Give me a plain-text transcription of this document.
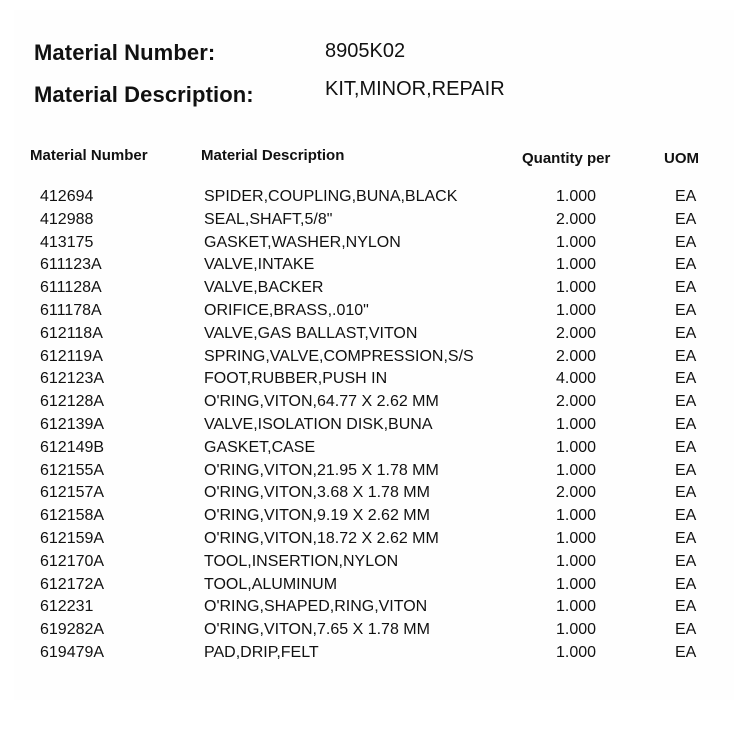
Material Number:	8905K02
Material Description:	KIT,MINOR,REPAIR
Material Number	Material Description	Quantity per	UOM
412694	SPIDER,COUPLING,BUNA,BLACK	1.000	EA
412988	SEAL,SHAFT,5/8"	2.000	EA
413175	GASKET,WASHER,NYLON	1.000	EA
611123A	VALVE,INTAKE	1.000	EA
611128A	VALVE,BACKER	1.000	EA
611178A	ORIFICE,BRASS,.010"	1.000	EA
612118A	VALVE,GAS BALLAST,VITON	2.000	EA
612119A	SPRING,VALVE,COMPRESSION,S/S	2.000	EA
612123A	FOOT,RUBBER,PUSH IN	4.000	EA
612128A	O'RING,VITON,64.77 X 2.62 MM	2.000	EA
612139A	VALVE,ISOLATION DISK,BUNA	1.000	EA
612149B	GASKET,CASE	1.000	EA
612155A	O'RING,VITON,21.95 X 1.78 MM	1.000	EA
612157A	O'RING,VITON,3.68 X 1.78 MM	2.000	EA
612158A	O'RING,VITON,9.19 X 2.62 MM	1.000	EA
612159A	O'RING,VITON,18.72 X 2.62 MM	1.000	EA
612170A	TOOL,INSERTION,NYLON	1.000	EA
612172A	TOOL,ALUMINUM	1.000	EA
612231	O'RING,SHAPED,RING,VITON	1.000	EA
619282A	O'RING,VITON,7.65 X 1.78 MM	1.000	EA
619479A	PAD,DRIP,FELT	1.000	EA
